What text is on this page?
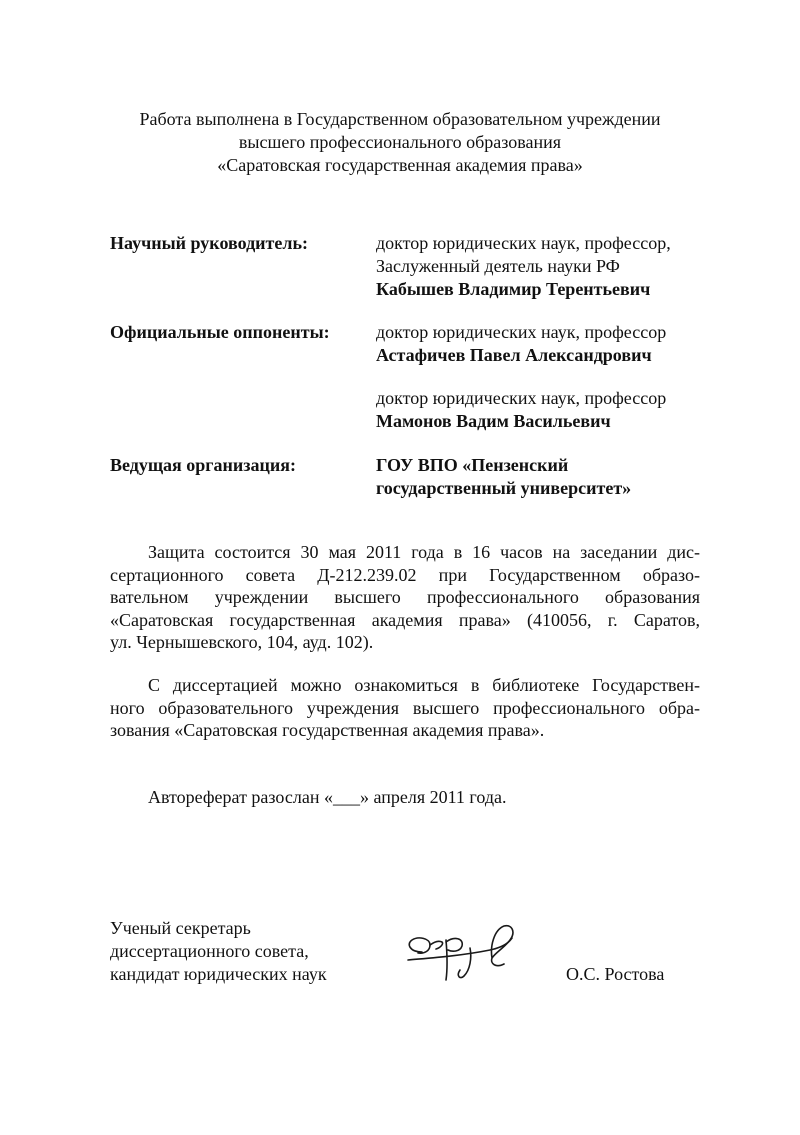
Работа выполнена в Государственном образовательном учреждении
высшего профессионального образования
«Саратовская государственная академия права»
Научный руководитель:	доктор юридических наук, профессор,
Заслуженный деятель науки РФ
Кабышев Владимир Терентьевич
Официальные оппоненты:	доктор юридических наук, профессор
Астафичев Павел Александрович
доктор юридических наук, профессор
Мамонов Вадим Васильевич
Ведущая организация:	ГОУ ВПО «Пензенский
государственный университет»
Защита состоится 30 мая 2011 года в 16 часов на заседании дис-
сертационного совета Д-212.239.02 при Государственном образо-
вательном учреждении высшего профессионального образования
«Саратовская государственная академия права» (410056, г. Саратов,
ул. Чернышевского, 104, ауд. 102).
С диссертацией можно ознакомиться в библиотеке Государствен-
ного образовательного учреждения высшего профессионального обра-
зования «Саратовская государственная академия права».
Автореферат разослан «___» апреля 2011 года.
Ученый секретарь
диссертационного совета,
кандидат юридических наук	О.С. Ростова
